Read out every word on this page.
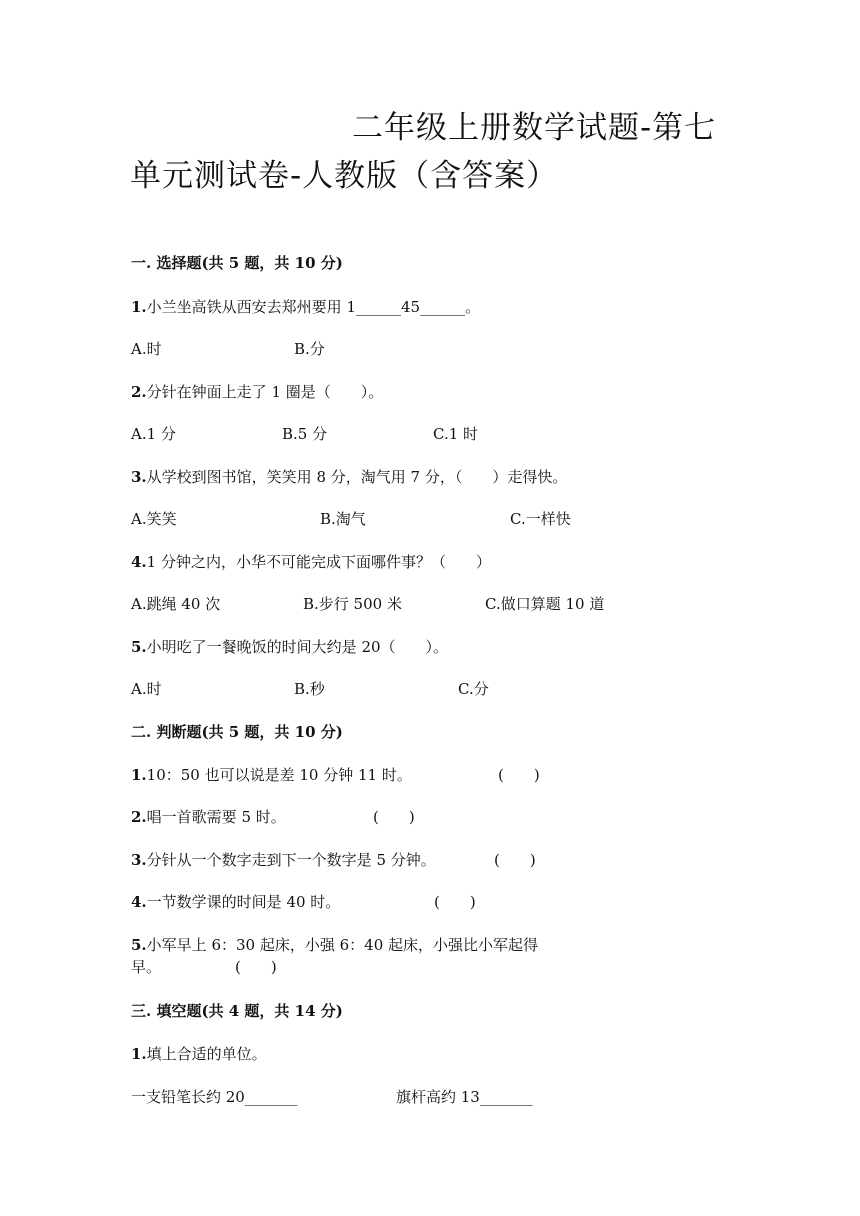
二年级上册数学试题-第七
单元测试卷-人教版（含答案）
一. 选择题(共 5 题，共 10 分)
1.小兰坐高铁从西安去郑州要用 1______45______。
A.时	B.分
2.分针在钟面上走了 1 圈是（　　）。
A.1 分	B.5 分	C.1 时
3.从学校到图书馆，笑笑用 8 分，淘气用 7 分，（　　）走得快。
A.笑笑	B.淘气	C.一样快
4.1 分钟之内，小华不可能完成下面哪件事？（　　）
A.跳绳 40 次	B.步行 500 米	C.做口算题 10 道
5.小明吃了一餐晚饭的时间大约是 20（　　）。
A.时	B.秒	C.分
二. 判断题(共 5 题，共 10 分)
1.10：50 也可以说是差 10 分钟 11 时。	(　　)
2.唱一首歌需要 5 时。	(　　)
3.分针从一个数字走到下一个数字是 5 分钟。	(　　)
4.一节数学课的时间是 40 时。	(　　)
5.小军早上 6：30 起床，小强 6：40 起床，小强比小军起得
早。	(　　)
三. 填空题(共 4 题，共 14 分)
1.填上合适的单位。
一支铅笔长约 20_______	旗杆高约 13_______
